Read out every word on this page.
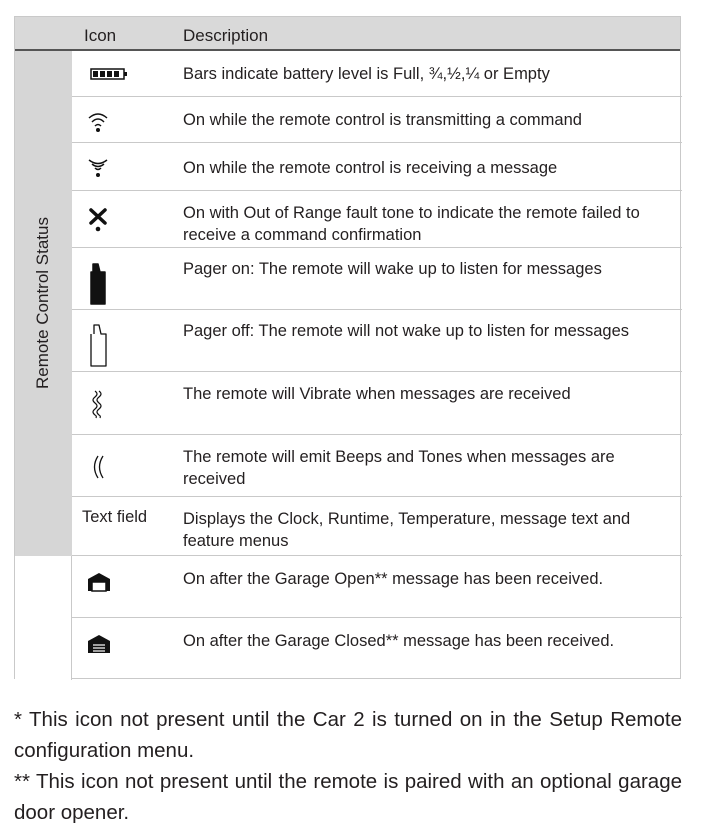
Icon	Description
Remote Control Status
Bars indicate battery level is Full, ¾,½,¼ or Empty
On while the remote control is transmitting a command
On while the remote control is receiving a message
On with Out of Range fault tone to indicate the remote failed to receive a command confirmation
Pager on: The remote will wake up to listen for messages
Pager off: The remote will not wake up to listen for messages
The remote will Vibrate when messages are received
The remote will emit Beeps and Tones when messages are received
Text field Displays the Clock, Runtime, Temperature, message text and feature menus
On after the Garage Open** message has been received.
On after the Garage Closed** message has been received.

* This icon not present until the Car 2 is turned on in the Setup Remote configuration menu.

** This icon not present until the remote is paired with an optional garage door opener.
